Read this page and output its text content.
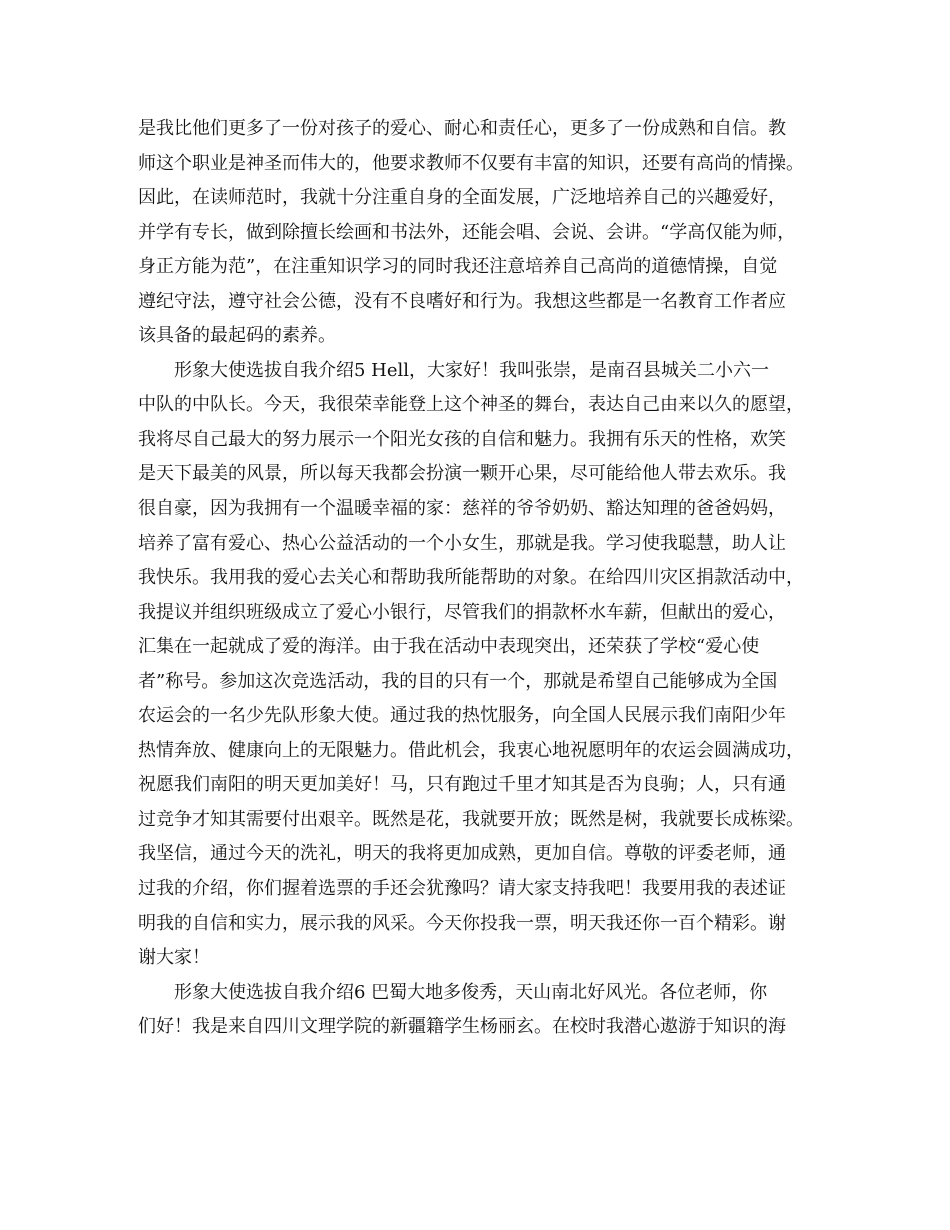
是我比他们更多了一份对孩子的爱心、耐心和责任心，更多了一份成熟和自信。教
师这个职业是神圣而伟大的，他要求教师不仅要有丰富的知识，还要有高尚的情操。
因此，在读师范时，我就十分注重自身的全面发展，广泛地培养自己的兴趣爱好，
并学有专长，做到除擅长绘画和书法外，还能会唱、会说、会讲。“学高仅能为师，
身正方能为范”，在注重知识学习的同时我还注意培养自己高尚的道德情操，自觉
遵纪守法，遵守社会公德，没有不良嗜好和行为。我想这些都是一名教育工作者应
该具备的最起码的素养。
　　形象大使选拔自我介绍5 Hell，大家好！我叫张崇，是南召县城关二小六一
中队的中队长。今天，我很荣幸能登上这个神圣的舞台，表达自己由来以久的愿望，
我将尽自己最大的努力展示一个阳光女孩的自信和魅力。我拥有乐天的性格，欢笑
是天下最美的风景，所以每天我都会扮演一颗开心果，尽可能给他人带去欢乐。我
很自豪，因为我拥有一个温暖幸福的家：慈祥的爷爷奶奶、豁达知理的爸爸妈妈，
培养了富有爱心、热心公益活动的一个小女生，那就是我。学习使我聪慧，助人让
我快乐。我用我的爱心去关心和帮助我所能帮助的对象。在给四川灾区捐款活动中，
我提议并组织班级成立了爱心小银行，尽管我们的捐款杯水车薪，但献出的爱心，
汇集在一起就成了爱的海洋。由于我在活动中表现突出，还荣获了学校“爱心使
者”称号。参加这次竞选活动，我的目的只有一个，那就是希望自己能够成为全国
农运会的一名少先队形象大使。通过我的热忱服务，向全国人民展示我们南阳少年
热情奔放、健康向上的无限魅力。借此机会，我衷心地祝愿明年的农运会圆满成功，
祝愿我们南阳的明天更加美好！马，只有跑过千里才知其是否为良驹；人，只有通
过竞争才知其需要付出艰辛。既然是花，我就要开放；既然是树，我就要长成栋梁。
我坚信，通过今天的洗礼，明天的我将更加成熟，更加自信。尊敬的评委老师，通
过我的介绍，你们握着选票的手还会犹豫吗？请大家支持我吧！我要用我的表述证
明我的自信和实力，展示我的风采。今天你投我一票，明天我还你一百个精彩。谢
谢大家！
　　形象大使选拔自我介绍6 巴蜀大地多俊秀，天山南北好风光。各位老师，你
们好！我是来自四川文理学院的新疆籍学生杨丽玄。在校时我潜心遨游于知识的海
